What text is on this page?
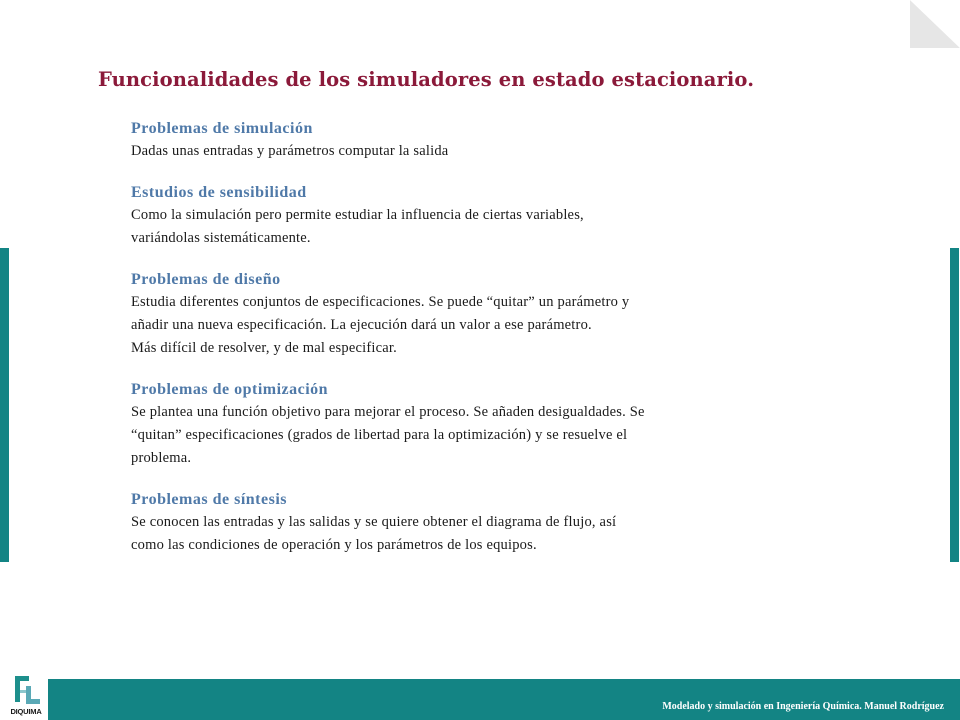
Funcionalidades de los simuladores en estado estacionario.

Problemas de simulación

Dadas unas entradas y parámetros computar la salida

Estudios de sensibilidad

Como la simulación pero permite estudiar la influencia de ciertas variables,
variándolas sistemáticamente.

Problemas de diseño

Estudia diferentes conjuntos de especificaciones. Se puede “quitar” un parámetro y
añadir una nueva especificación. La ejecución dará un valor a ese parámetro.
Más difícil de resolver, y de mal especificar.

Problemas de optimización

Se plantea una función objetivo para mejorar el proceso. Se añaden desigualdades. Se
“quitan” especificaciones (grados de libertad para la optimización) y se resuelve el
problema.

Problemas de síntesis

Se conocen las entradas y las salidas y se quiere obtener el diagrama de flujo, así
como las condiciones de operación y los parámetros de los equipos.

DIQUIMA	Modelado y simulación en Ingeniería Química. Manuel Rodríguez
